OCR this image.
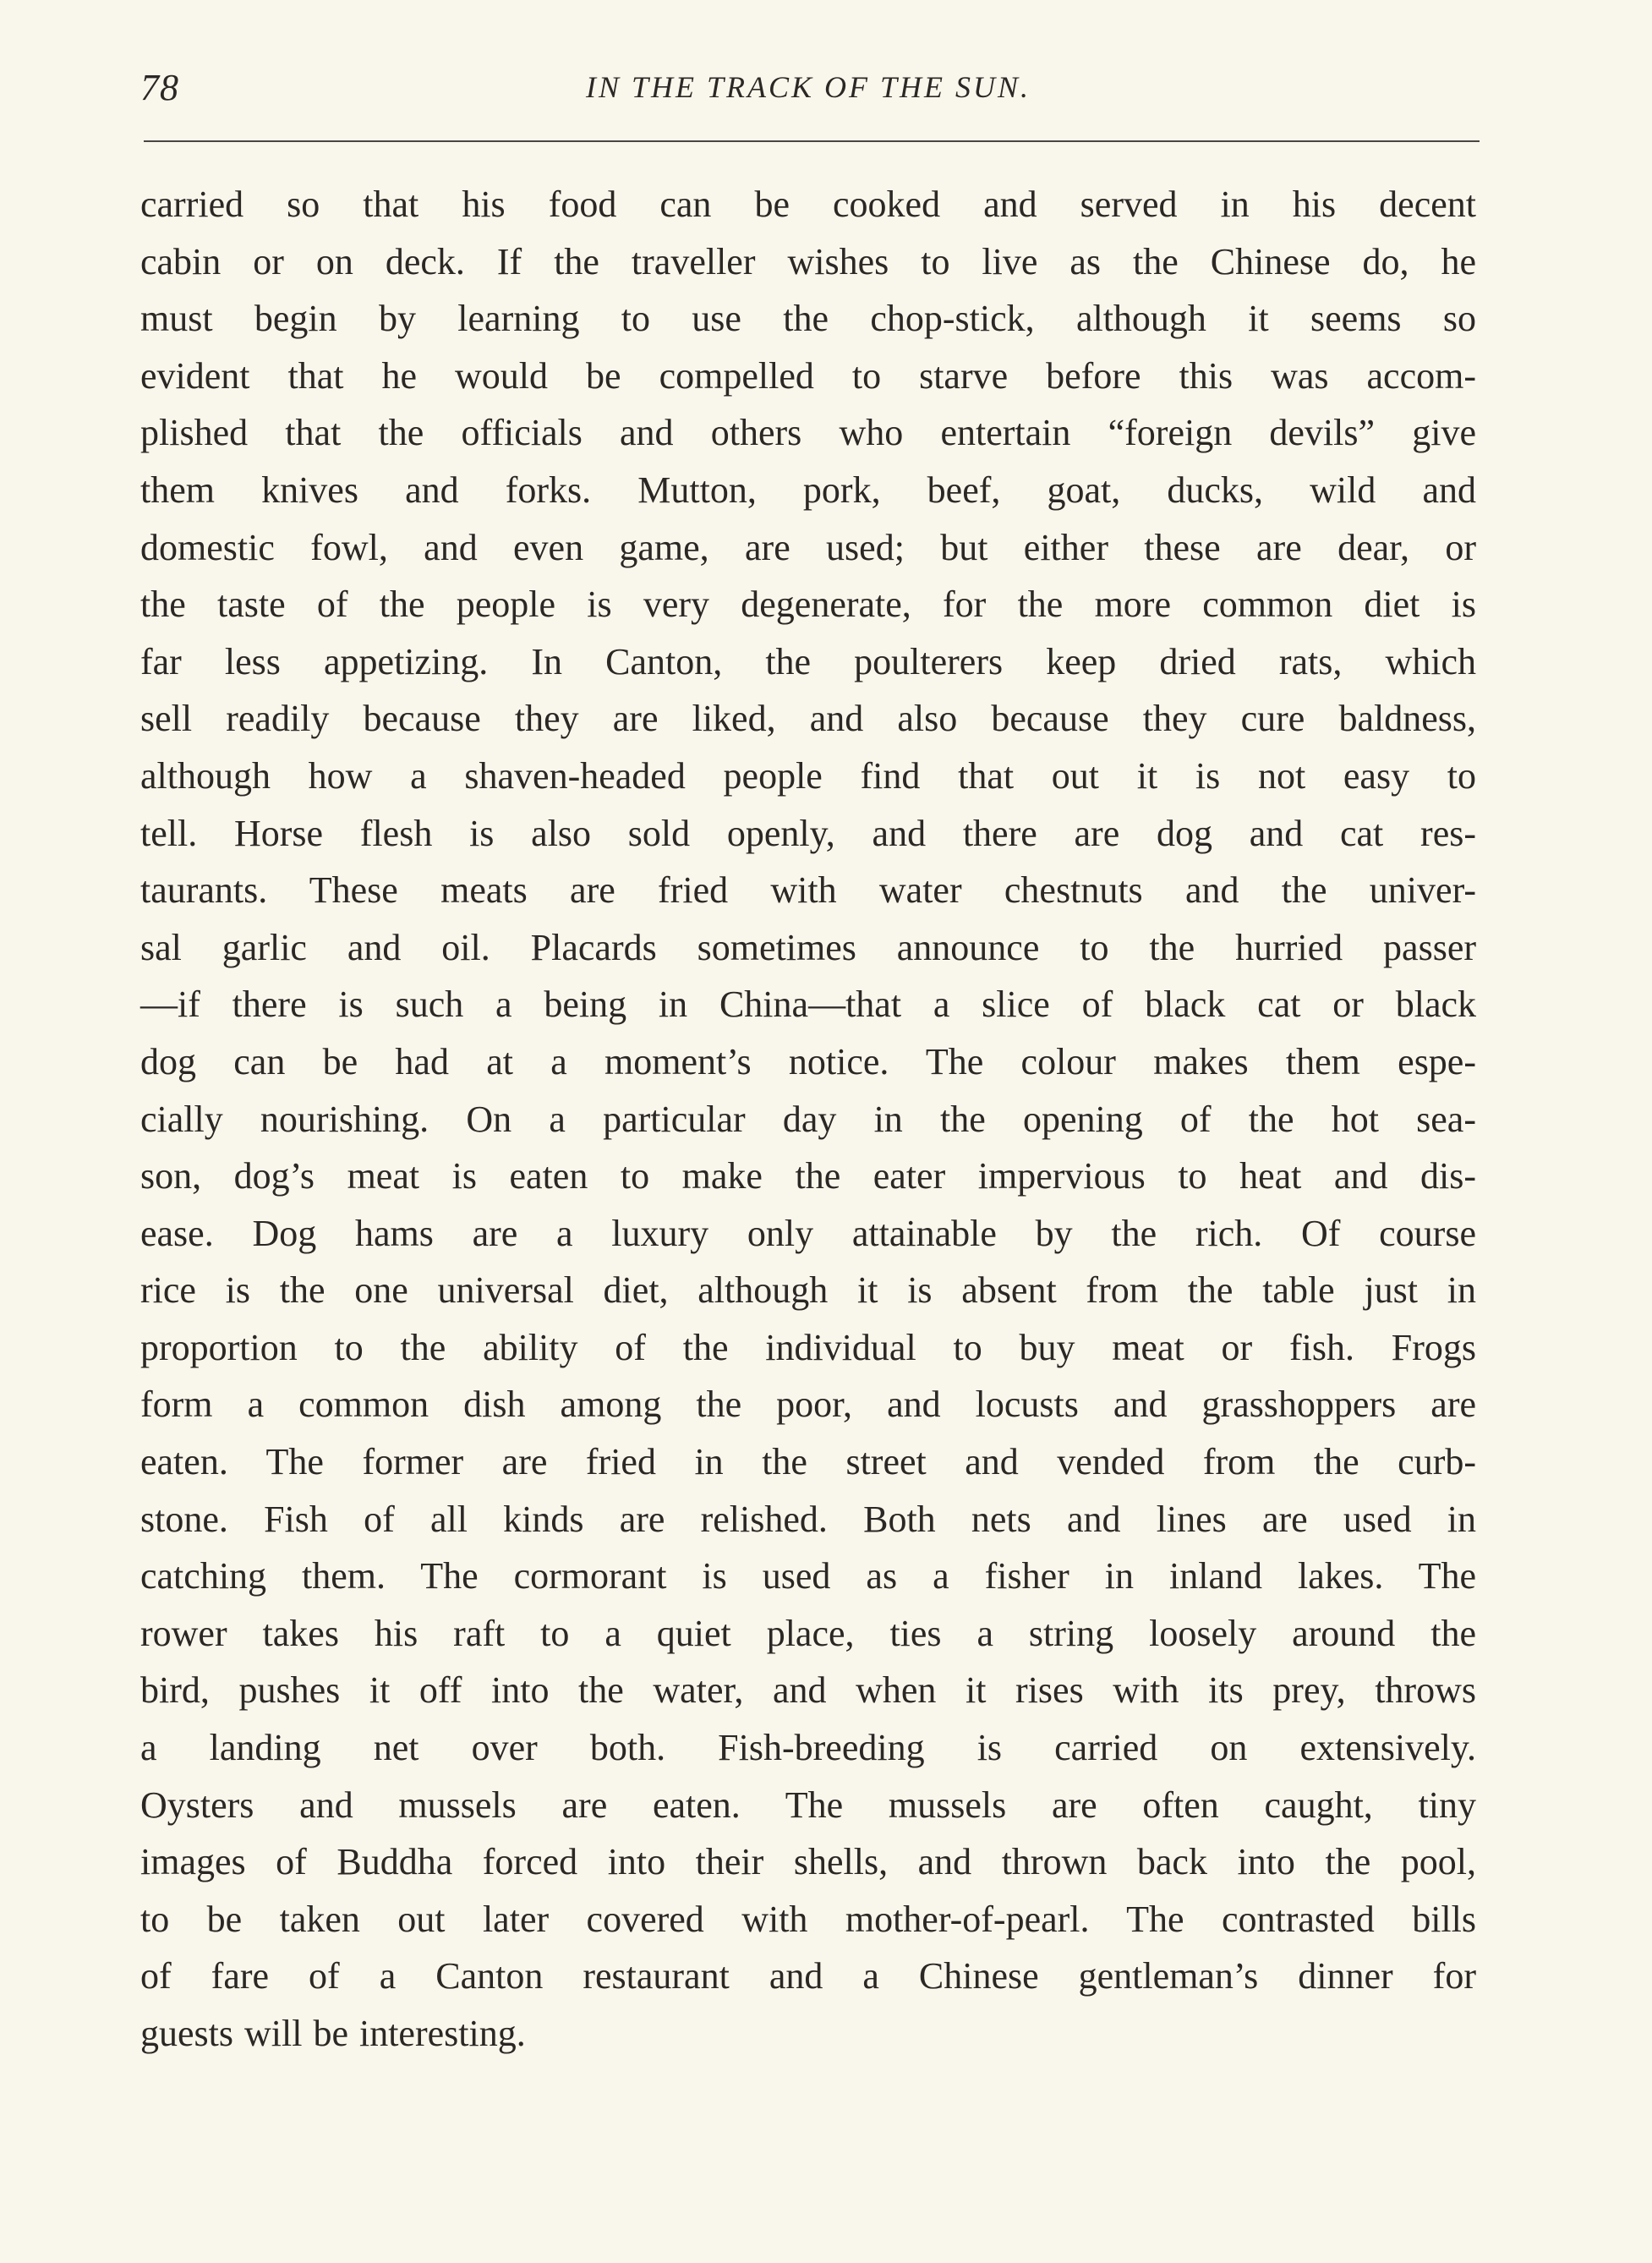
78	IN THE TRACK OF THE SUN.
carried so that his food can be cooked and served in his decent
cabin or on deck. If the traveller wishes to live as the Chinese do, he
must begin by learning to use the chop-stick, although it seems so
evident that he would be compelled to starve before this was accom-
plished that the officials and others who entertain “foreign devils” give
them knives and forks. Mutton, pork, beef, goat, ducks, wild and
domestic fowl, and even game, are used; but either these are dear, or
the taste of the people is very degenerate, for the more common diet is
far less appetizing. In Canton, the poulterers keep dried rats, which
sell readily because they are liked, and also because they cure baldness,
although how a shaven-headed people find that out it is not easy to
tell. Horse flesh is also sold openly, and there are dog and cat res-
taurants. These meats are fried with water chestnuts and the univer-
sal garlic and oil. Placards sometimes announce to the hurried passer
—if there is such a being in China—that a slice of black cat or black
dog can be had at a moment’s notice. The colour makes them espe-
cially nourishing. On a particular day in the opening of the hot sea-
son, dog’s meat is eaten to make the eater impervious to heat and dis-
ease. Dog hams are a luxury only attainable by the rich. Of course
rice is the one universal diet, although it is absent from the table just in
proportion to the ability of the individual to buy meat or fish. Frogs
form a common dish among the poor, and locusts and grasshoppers are
eaten. The former are fried in the street and vended from the curb-
stone. Fish of all kinds are relished. Both nets and lines are used in
catching them. The cormorant is used as a fisher in inland lakes. The
rower takes his raft to a quiet place, ties a string loosely around the
bird, pushes it off into the water, and when it rises with its prey, throws
a landing net over both. Fish-breeding is carried on extensively.
Oysters and mussels are eaten. The mussels are often caught, tiny
images of Buddha forced into their shells, and thrown back into the pool,
to be taken out later covered with mother-of-pearl. The contrasted bills
of fare of a Canton restaurant and a Chinese gentleman’s dinner for
guests will be interesting.
